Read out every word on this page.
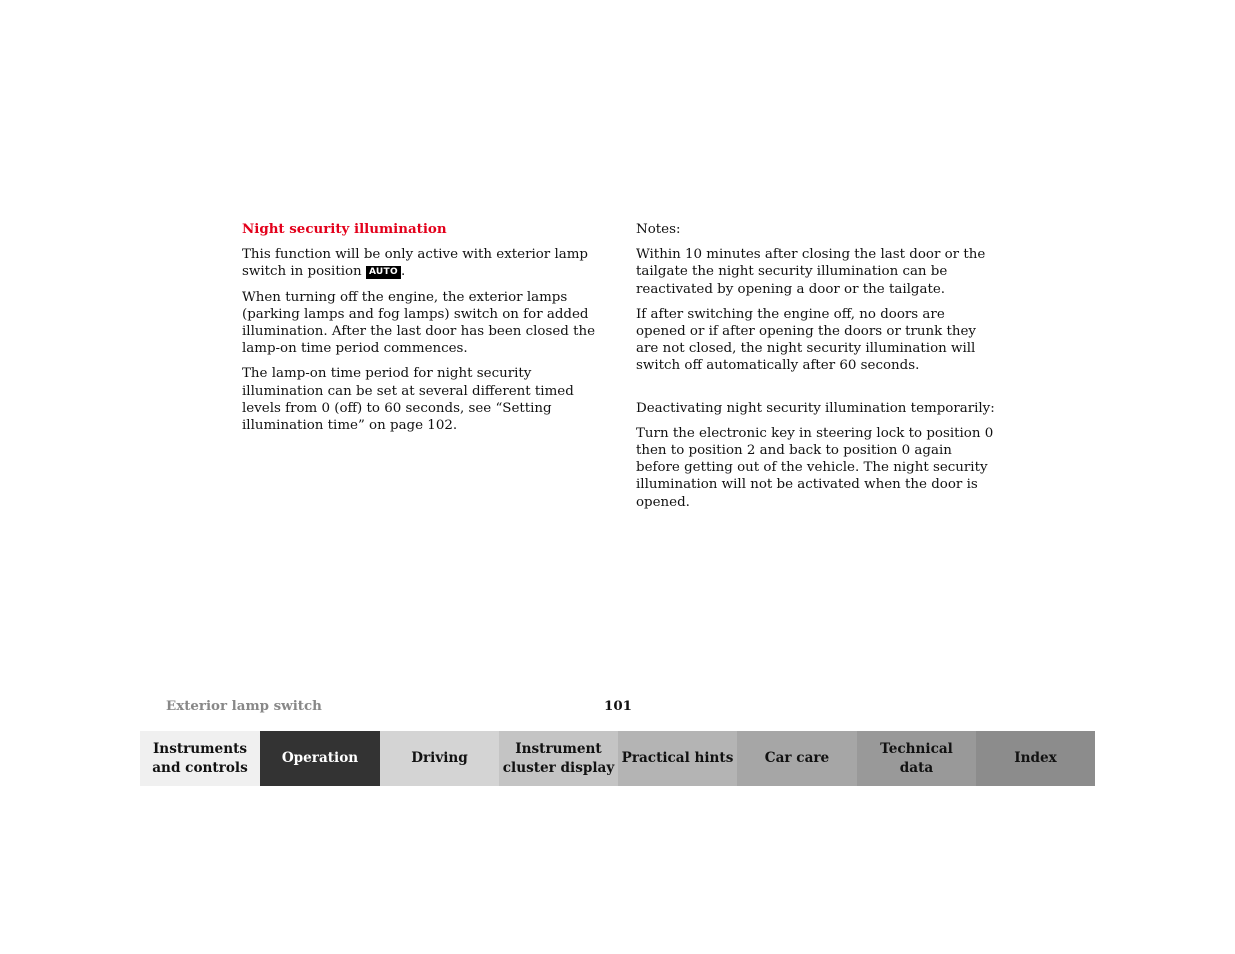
Night security illumination

This function will be only active with exterior lamp switch in position AUTO .

When turning off the engine, the exterior lamps (parking lamps and fog lamps) switch on for added illumination. After the last door has been closed the lamp-on time period commences.

The lamp-on time period for night security illumination can be set at several different timed levels from 0 (off) to 60 seconds, see “Setting illumination time” on page 102.

Notes:

Within 10 minutes after closing the last door or the tailgate the night security illumination can be reactivated by opening a door or the tailgate.

If after switching the engine off, no doors are opened or if after opening the doors or trunk they are not closed, the night security illumination will switch off automatically after 60 seconds.

Deactivating night security illumination temporarily:

Turn the electronic key in steering lock to position 0 then to position 2 and back to position 0 again before getting out of the vehicle. The night security illumination will not be activated when the door is opened.

Exterior lamp switch	101
Instruments
and controls
Operation	Driving
Instrument
cluster display
Practical hints	Car care
Technical
data
Index
